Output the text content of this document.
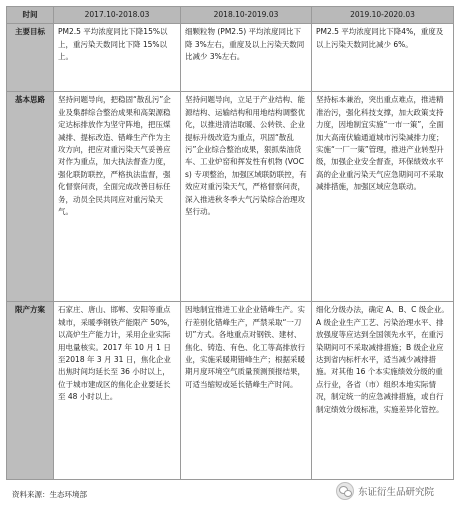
时间	2017.10-2018.03	2018.10-2019.03	2019.10-2020.03
主要目标	PM2.5 平均浓度同比下降15%以上，重污染天数同比下降 15%以上。	细颗粒物 (PM2.5) 平均浓度同比下降 3%左右，重度及以上污染天数同比减少 3%左右。	PM2.5 平均浓度同比下降4%，重度及以上污染天数同比减少 6%。
基本思路	坚持问题导向，把稳固“散乱污”企业及集群综合整治成果和高架源稳定达标排放作为坚守阵地，把压煤减排、提标改造、错峰生产作为主攻方向，把应对重污染天气妥善应对作为重点，加大执法督查力度，强化联防联控，严格执法监督，强化督察问责，全面完成改善目标任务，动员全民共同应对重污染天气。	坚持问题导向，立足于产业结构、能源结构、运输结构和用地结构调整优化，以推进清洁取暖、公转铁、企业提标升级改造为重点，巩固“散乱污”企业综合整治成果，狠抓柴油货车、工业炉窑和挥发性有机物 (VOCs) 专项整治，加强区域联防联控，有效应对重污染天气，严格督察问责，深入推进秋冬季大气污染综合治理攻坚行动。	坚持标本兼治，突出重点难点，推进精准治污，强化科技支撑，加大政策支持力度，因地制宜实施“一市一策”，全面加大高南伏输通道城市污染减排力度；实施“一厂一策”管理，推进产业转型升级，加强企业安全督查，环保绩效水平高的企业重污染天气应急期间可不采取减排措施，加强区域应急联动。
限产方案	石家庄、唐山、邯郸、安阳等重点城市，采暖季钢铁产能限产 50%，以高炉生产能力计，采用企业实际用电量核实。2017 年 10 月 1 日至2018 年 3 月 31 日，焦化企业出焦时间均延长至 36 小时以上，位于城市建成区的焦化企业要延长至 48 小时以上。	因地制宜推进工业企业错峰生产。实行差别化错峰生产，严禁采取“一刀切”方式。各地重点对钢铁、建材、焦化、铸造、有色、化工等高排放行业，实施采暖期错峰生产；根据采暖期月度环境空气质量预测预报结果，可适当缩短或延长错峰生产时间。	细化分级办法，确定 A、B、C 级企业。A 级企业生产工艺、污染治理水平、排放强度等应达到全国领先水平，在重污染期间可不采取减排措施；B 级企业应达到省内标杆水平，适当减少减排措施。对其他 16 个本实施绩效分级的重点行业，各省（市）组织本地实际情况，制定统一的应急减排措施，或自行制定绩效分级标准，实施差异化管控。
资料来源：生态环境部	东证衍生品研究院
